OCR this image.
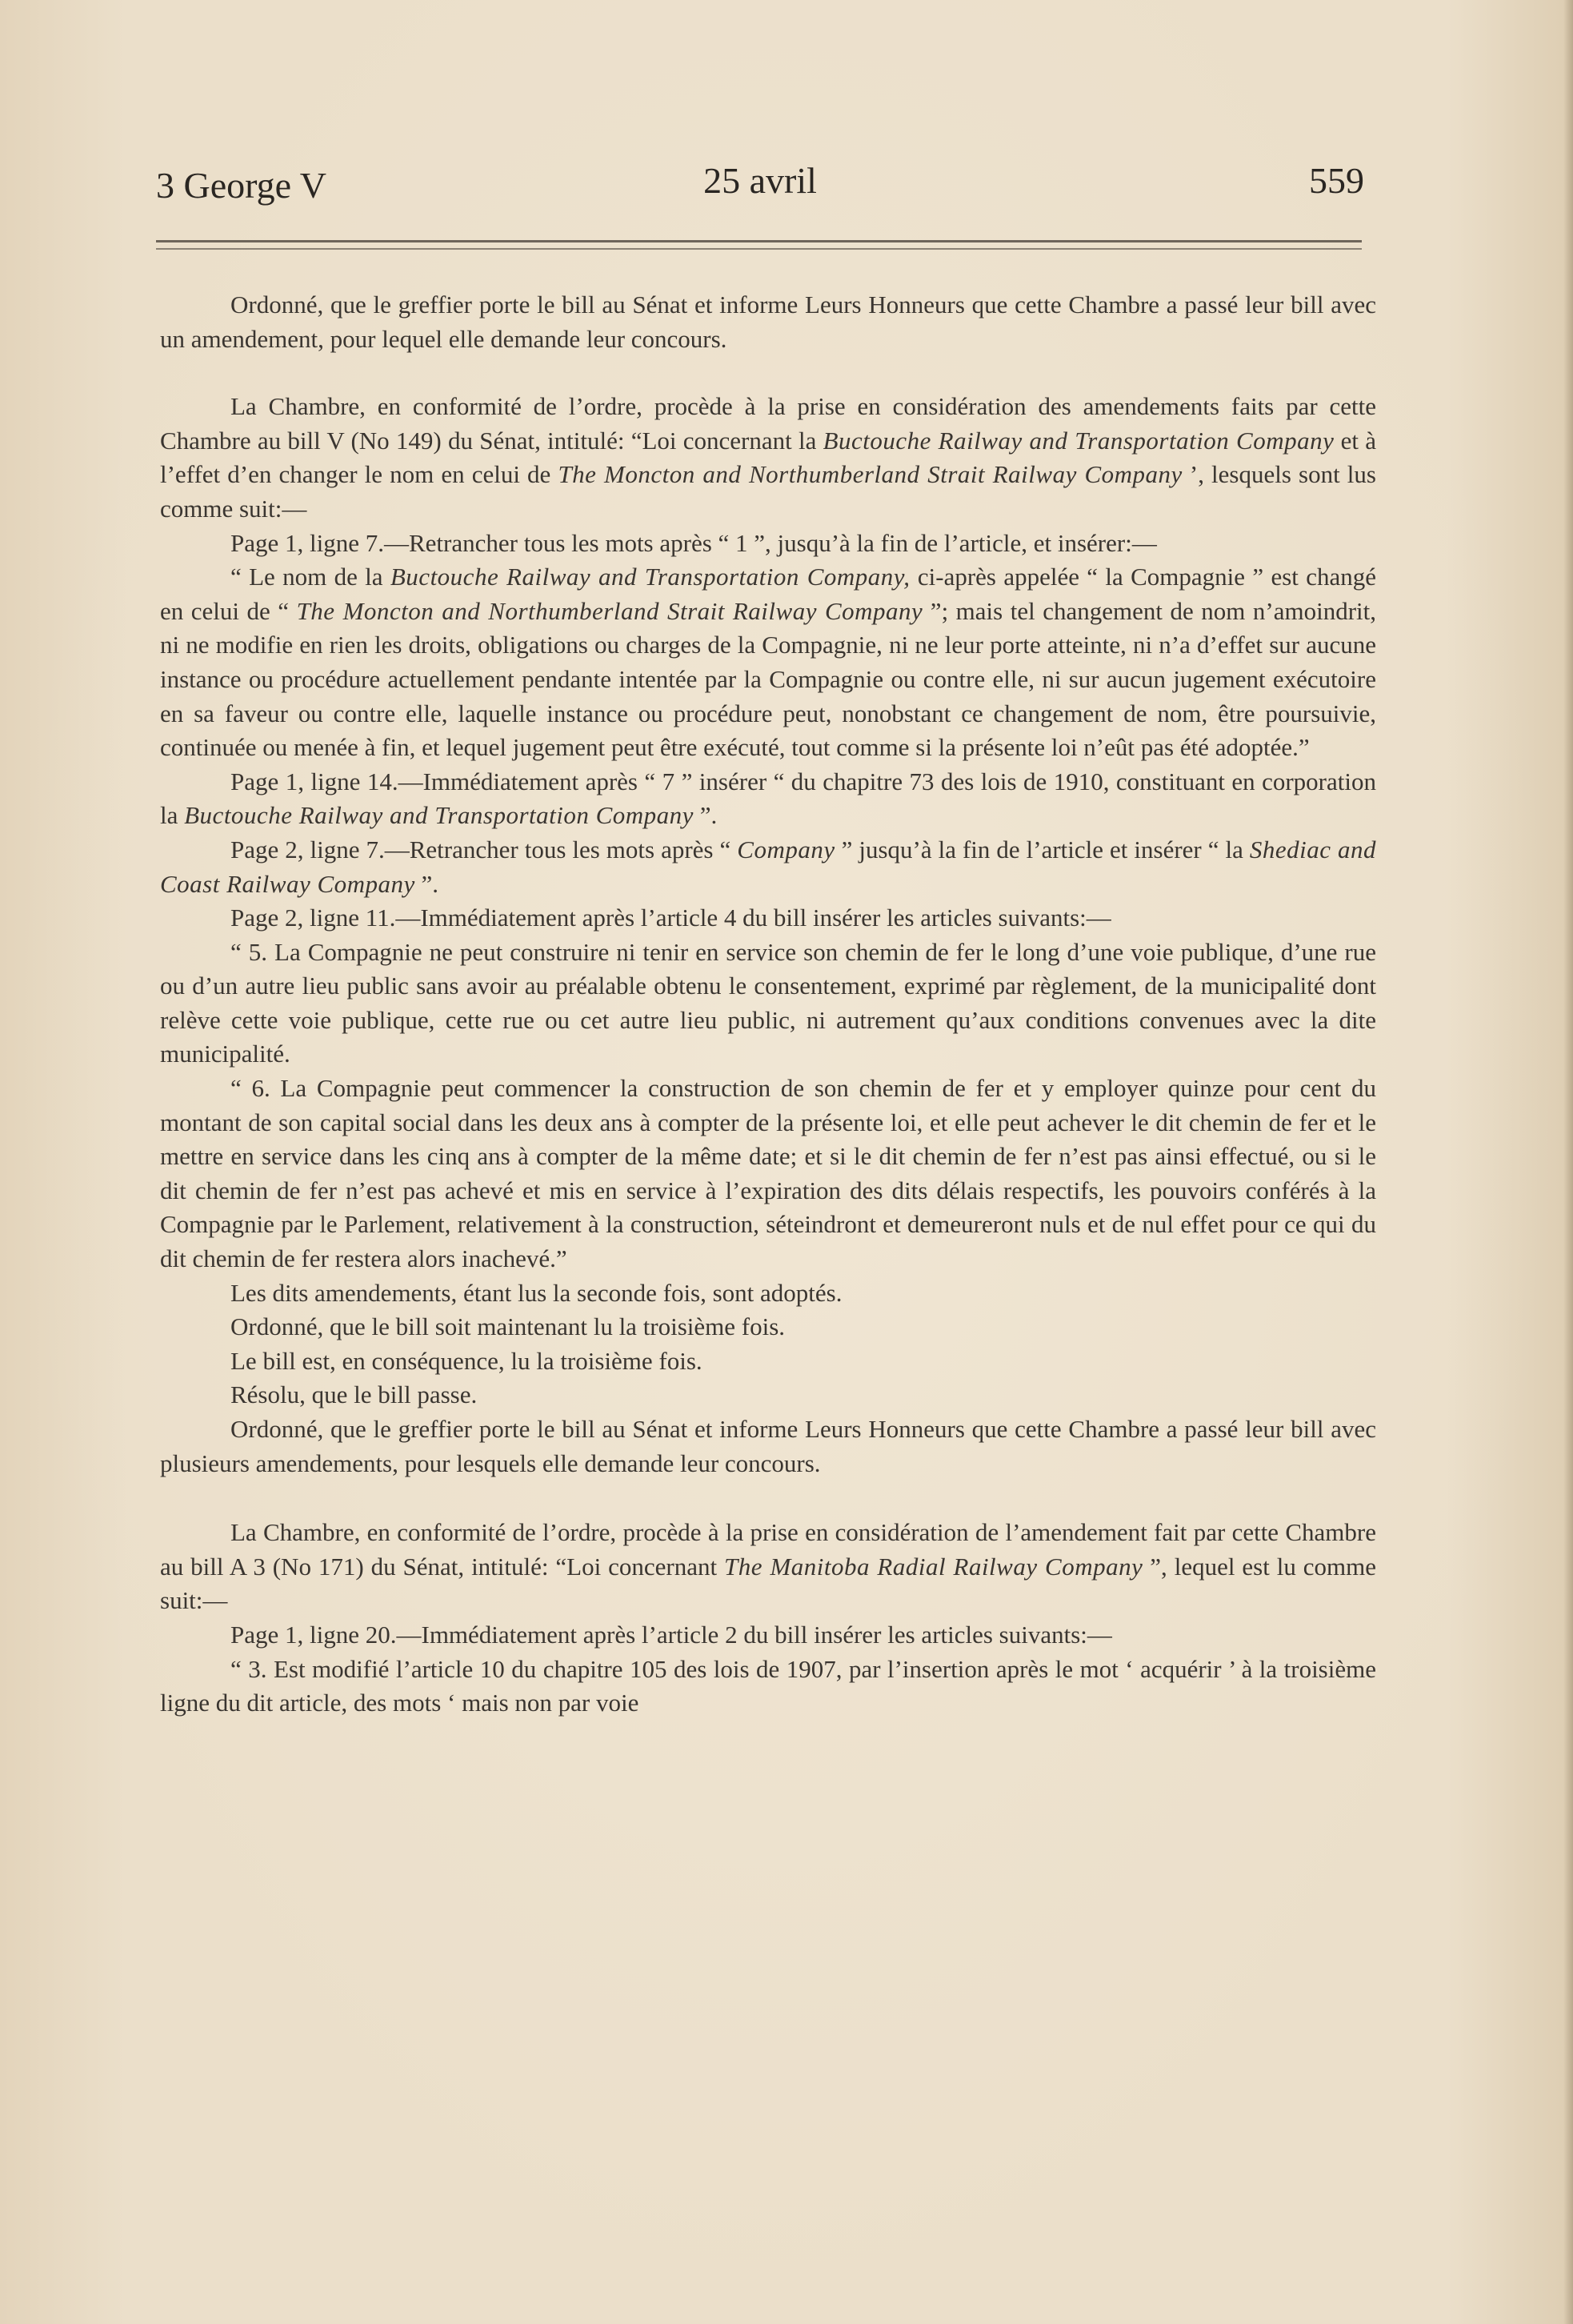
3 George V	25 avril	559

Ordonné, que le greffier porte le bill au Sénat et informe Leurs Honneurs que cette Chambre a passé leur bill avec un amendement, pour lequel elle demande leur concours.

La Chambre, en conformité de l’ordre, procède à la prise en considération des amendements faits par cette Chambre au bill V (No 149) du Sénat, intitulé: “Loi concernant la Buctouche Railway and Transportation Company et à l’effet d’en changer le nom en celui de The Moncton and Northumberland Strait Railway Company ’, lesquels sont lus comme suit:—

Page 1, ligne 7.—Retrancher tous les mots après “ 1 ”, jusqu’à la fin de l’article, et insérer:—

“ Le nom de la Buctouche Railway and Transportation Company, ci-après appelée “ la Compagnie ” est changé en celui de “ The Moncton and Northumberland Strait Railway Company ”; mais tel changement de nom n’amoindrit, ni ne modifie en rien les droits, obligations ou charges de la Compagnie, ni ne leur porte atteinte, ni n’a d’effet sur aucune instance ou procédure actuellement pendante intentée par la Compagnie ou contre elle, ni sur aucun jugement exécutoire en sa faveur ou contre elle, laquelle instance ou procédure peut, nonobstant ce changement de nom, être poursuivie, continuée ou menée à fin, et lequel jugement peut être exécuté, tout comme si la présente loi n’eût pas été adoptée.”

Page 1, ligne 14.—Immédiatement après “ 7 ” insérer “ du chapitre 73 des lois de 1910, constituant en corporation la Buctouche Railway and Transportation Company ”.

Page 2, ligne 7.—Retrancher tous les mots après “ Company ” jusqu’à la fin de l’article et insérer “ la Shediac and Coast Railway Company ”.

Page 2, ligne 11.—Immédiatement après l’article 4 du bill insérer les articles suivants:—

“ 5. La Compagnie ne peut construire ni tenir en service son chemin de fer le long d’une voie publique, d’une rue ou d’un autre lieu public sans avoir au préalable obtenu le consentement, exprimé par règlement, de la municipalité dont relève cette voie publique, cette rue ou cet autre lieu public, ni autrement qu’aux conditions convenues avec la dite municipalité.

“ 6. La Compagnie peut commencer la construction de son chemin de fer et y employer quinze pour cent du montant de son capital social dans les deux ans à compter de la présente loi, et elle peut achever le dit chemin de fer et le mettre en service dans les cinq ans à compter de la même date; et si le dit chemin de fer n’est pas ainsi effectué, ou si le dit chemin de fer n’est pas achevé et mis en service à l’expiration des dits délais respectifs, les pouvoirs conférés à la Compagnie par le Parlement, relativement à la construction, séteindront et demeureront nuls et de nul effet pour ce qui du dit chemin de fer restera alors inachevé.”

Les dits amendements, étant lus la seconde fois, sont adoptés.

Ordonné, que le bill soit maintenant lu la troisième fois.

Le bill est, en conséquence, lu la troisième fois.

Résolu, que le bill passe.

Ordonné, que le greffier porte le bill au Sénat et informe Leurs Honneurs que cette Chambre a passé leur bill avec plusieurs amendements, pour lesquels elle demande leur concours.

La Chambre, en conformité de l’ordre, procède à la prise en considération de l’amendement fait par cette Chambre au bill A 3 (No 171) du Sénat, intitulé: “Loi concernant The Manitoba Radial Railway Company ”, lequel est lu comme suit:—

Page 1, ligne 20.—Immédiatement après l’article 2 du bill insérer les articles suivants:—

“ 3. Est modifié l’article 10 du chapitre 105 des lois de 1907, par l’insertion après le mot ‘ acquérir ’ à la troisième ligne du dit article, des mots ‘ mais non par voie
